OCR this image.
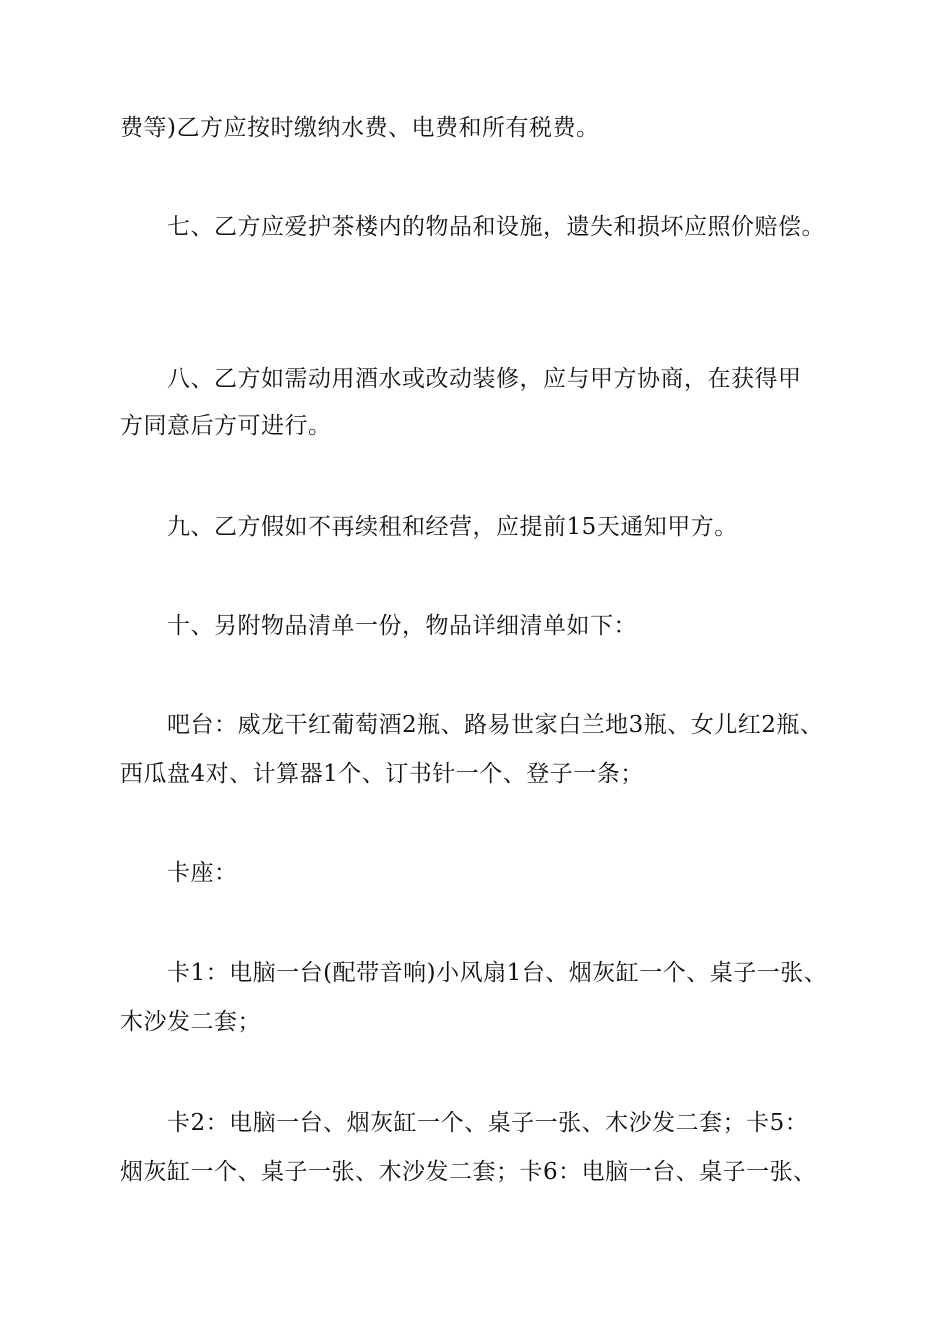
费等)乙方应按时缴纳水费、电费和所有税费。
七、乙方应爱护茶楼内的物品和设施，遗失和损坏应照价赔偿。
八、乙方如需动用酒水或改动装修，应与甲方协商，在获得甲
方同意后方可进行。
九、乙方假如不再续租和经营，应提前15天通知甲方。
十、另附物品清单一份，物品详细清单如下：
吧台：威龙干红葡萄酒2瓶、路易世家白兰地3瓶、女儿红2瓶、
西瓜盘4对、计算器1个、订书针一个、登子一条；
卡座：
卡1：电脑一台(配带音响)小风扇1台、烟灰缸一个、桌子一张、
木沙发二套；
卡2：电脑一台、烟灰缸一个、桌子一张、木沙发二套；卡5：
烟灰缸一个、桌子一张、木沙发二套；卡6：电脑一台、桌子一张、
